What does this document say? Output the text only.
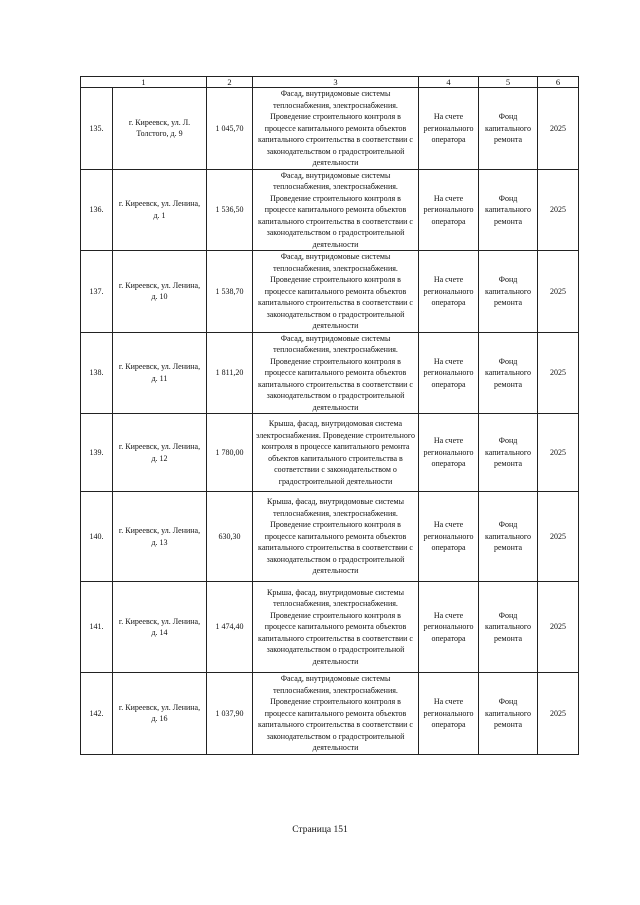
1		2	3	4	5	6
135.	г. Киреевск, ул. Л. Толстого, д. 9	1 045,70	Фасад, внутридомовые системы теплоснабжения, электроснабжения. Проведение строительного контроля в процессе капитального ремонта объектов капитального строительства в соответствии с законодательством о градостроительной деятельности	На счете регионального оператора	Фонд капитального ремонта	2025
136.	г. Киреевск, ул. Ленина, д. 1	1 536,50	Фасад, внутридомовые системы теплоснабжения, электроснабжения. Проведение строительного контроля в процессе капитального ремонта объектов капитального строительства в соответствии с законодательством о градостроительной деятельности	На счете регионального оператора	Фонд капитального ремонта	2025
137.	г. Киреевск, ул. Ленина, д. 10	1 538,70	Фасад, внутридомовые системы теплоснабжения, электроснабжения. Проведение строительного контроля в процессе капитального ремонта объектов капитального строительства в соответствии с законодательством о градостроительной деятельности	На счете регионального оператора	Фонд капитального ремонта	2025
138.	г. Киреевск, ул. Ленина, д. 11	1 811,20	Фасад, внутридомовые системы теплоснабжения, электроснабжения. Проведение строительного контроля в процессе капитального ремонта объектов капитального строительства в соответствии с законодательством о градостроительной деятельности	На счете регионального оператора	Фонд капитального ремонта	2025
139.	г. Киреевск, ул. Ленина, д. 12	1 780,00	Крыша, фасад, внутридомовая система электроснабжения. Проведение строительного контроля в процессе капитального ремонта объектов капитального строительства в соответствии с законодательством о градостроительной деятельности	На счете регионального оператора	Фонд капитального ремонта	2025
140.	г. Киреевск, ул. Ленина, д. 13	630,30	Крыша, фасад, внутридомовые системы теплоснабжения, электроснабжения. Проведение строительного контроля в процессе капитального ремонта объектов капитального строительства в соответствии с законодательством о градостроительной деятельности	На счете регионального оператора	Фонд капитального ремонта	2025
141.	г. Киреевск, ул. Ленина, д. 14	1 474,40	Крыша, фасад, внутридомовые системы теплоснабжения, электроснабжения. Проведение строительного контроля в процессе капитального ремонта объектов капитального строительства в соответствии с законодательством о градостроительной деятельности	На счете регионального оператора	Фонд капитального ремонта	2025
142.	г. Киреевск, ул. Ленина, д. 16	1 037,90	Фасад, внутридомовые системы теплоснабжения, электроснабжения. Проведение строительного контроля в процессе капитального ремонта объектов капитального строительства в соответствии с законодательством о градостроительной деятельности	На счете регионального оператора	Фонд капитального ремонта	2025
Страница 151
